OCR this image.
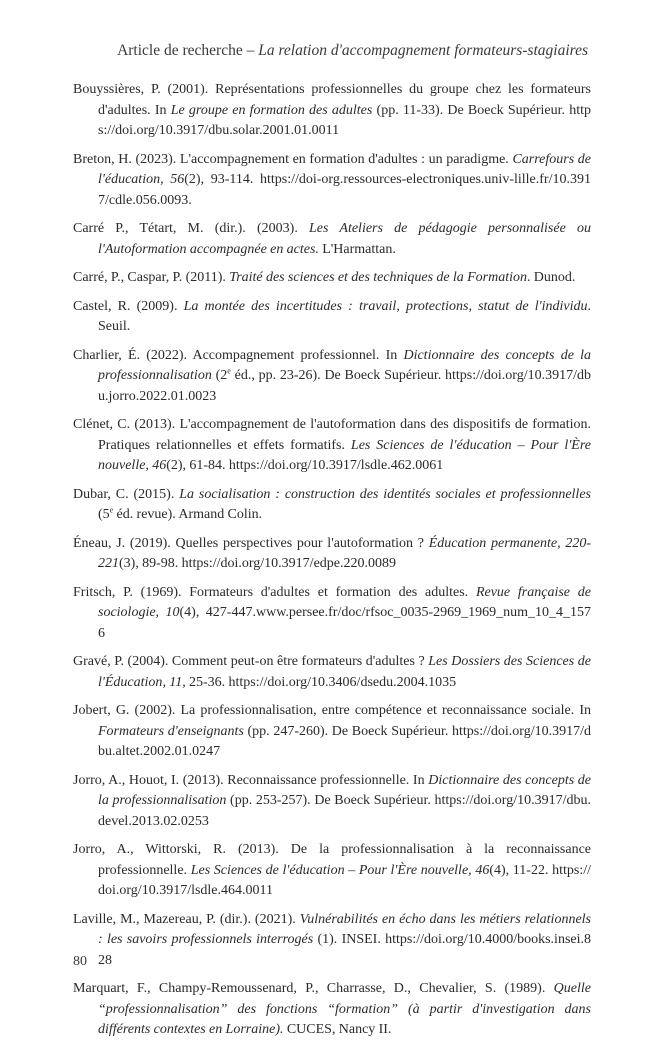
Article de recherche – La relation d'accompagnement formateurs-stagiaires
Bouyssières, P. (2001). Représentations professionnelles du groupe chez les formateurs d'adultes. In Le groupe en formation des adultes (pp. 11-33). De Boeck Supérieur. https://doi.org/10.3917/dbu.solar.2001.01.0011
Breton, H. (2023). L'accompagnement en formation d'adultes : un paradigme. Carrefours de l'éducation, 56(2), 93-114. https://doi-org.ressources-electroniques.univ-lille.fr/10.3917/cdle.056.0093.
Carré P., Tétart, M. (dir.). (2003). Les Ateliers de pédagogie personnalisée ou l'Autoformation accompagnée en actes. L'Harmattan.
Carré, P., Caspar, P. (2011). Traité des sciences et des techniques de la Formation. Dunod.
Castel, R. (2009). La montée des incertitudes : travail, protections, statut de l'individu. Seuil.
Charlier, É. (2022). Accompagnement professionnel. In Dictionnaire des concepts de la professionnalisation (2e éd., pp. 23-26). De Boeck Supérieur. https://doi.org/10.3917/dbu.jorro.2022.01.0023
Clénet, C. (2013). L'accompagnement de l'autoformation dans des dispositifs de formation. Pratiques relationnelles et effets formatifs. Les Sciences de l'éducation – Pour l'Ère nouvelle, 46(2), 61-84. https://doi.org/10.3917/lsdle.462.0061
Dubar, C. (2015). La socialisation : construction des identités sociales et professionnelles (5e éd. revue). Armand Colin.
Éneau, J. (2019). Quelles perspectives pour l'autoformation ? Éducation permanente, 220-221(3), 89-98. https://doi.org/10.3917/edpe.220.0089
Fritsch, P. (1969). Formateurs d'adultes et formation des adultes. Revue française de sociologie, 10(4), 427-447.www.persee.fr/doc/rfsoc_0035-2969_1969_num_10_4_1576
Gravé, P. (2004). Comment peut-on être formateurs d'adultes ? Les Dossiers des Sciences de l'Éducation, 11, 25-36. https://doi.org/10.3406/dsedu.2004.1035
Jobert, G. (2002). La professionnalisation, entre compétence et reconnaissance sociale. In Formateurs d'enseignants (pp. 247-260). De Boeck Supérieur. https://doi.org/10.3917/dbu.altet.2002.01.0247
Jorro, A., Houot, I. (2013). Reconnaissance professionnelle. In Dictionnaire des concepts de la professionnalisation (pp. 253-257). De Boeck Supérieur. https://doi.org/10.3917/dbu.devel.2013.02.0253
Jorro, A., Wittorski, R. (2013). De la professionnalisation à la reconnaissance professionnelle. Les Sciences de l'éducation – Pour l'Ère nouvelle, 46(4), 11-22. https://doi.org/10.3917/lsdle.464.0011
Laville, M., Mazereau, P. (dir.). (2021). Vulnérabilités en écho dans les métiers relationnels : les savoirs professionnels interrogés (1). INSEI. https://doi.org/10.4000/books.insei.828
Marquart, F., Champy-Remoussenard, P., Charrasse, D., Chevalier, S. (1989). Quelle “professionnalisation” des fonctions “formation” (à partir d'investigation dans différents contextes en Lorraine). CUCES, Nancy II.
80
